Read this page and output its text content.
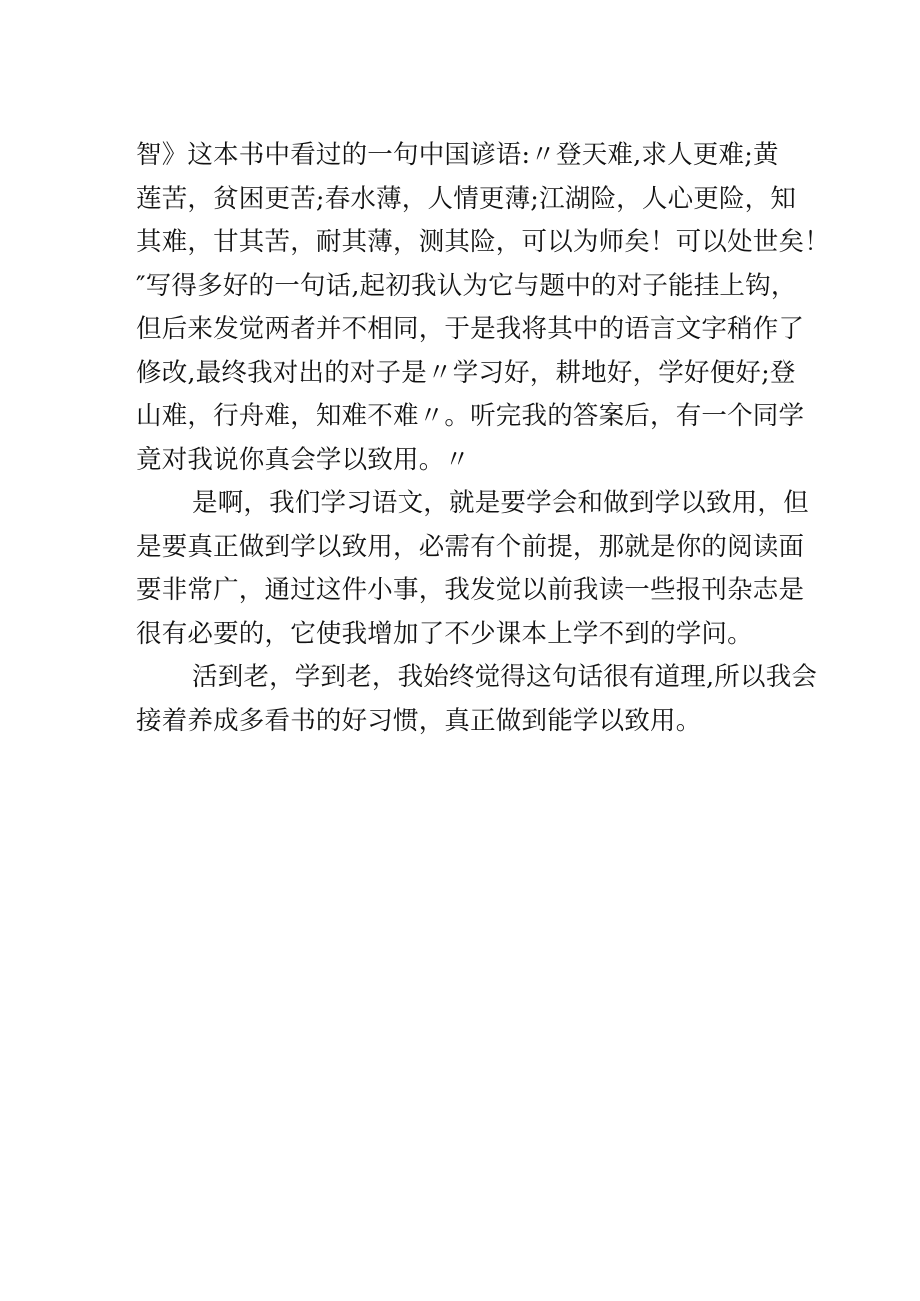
智》这本书中看过的一句中国谚语:〃登天难,求人更难;黄
莲苦，贫困更苦;春水薄，人情更薄;江湖险，人心更险，知
其难，甘其苦，耐其薄，测其险，可以为师矣！可以处世矣！
″写得多好的一句话,起初我认为它与题中的对子能挂上钩，
但后来发觉两者并不相同，于是我将其中的语言文字稍作了
修改,最终我对出的对子是〃学习好，耕地好，学好便好;登
山难，行舟难，知难不难〃。听完我的答案后，有一个同学
竟对我说你真会学以致用。〃

是啊，我们学习语文，就是要学会和做到学以致用，但
是要真正做到学以致用，必需有个前提，那就是你的阅读面
要非常广，通过这件小事，我发觉以前我读一些报刊杂志是
很有必要的，它使我增加了不少课本上学不到的学问。

活到老，学到老，我始终觉得这句话很有道理,所以我会
接着养成多看书的好习惯，真正做到能学以致用。
